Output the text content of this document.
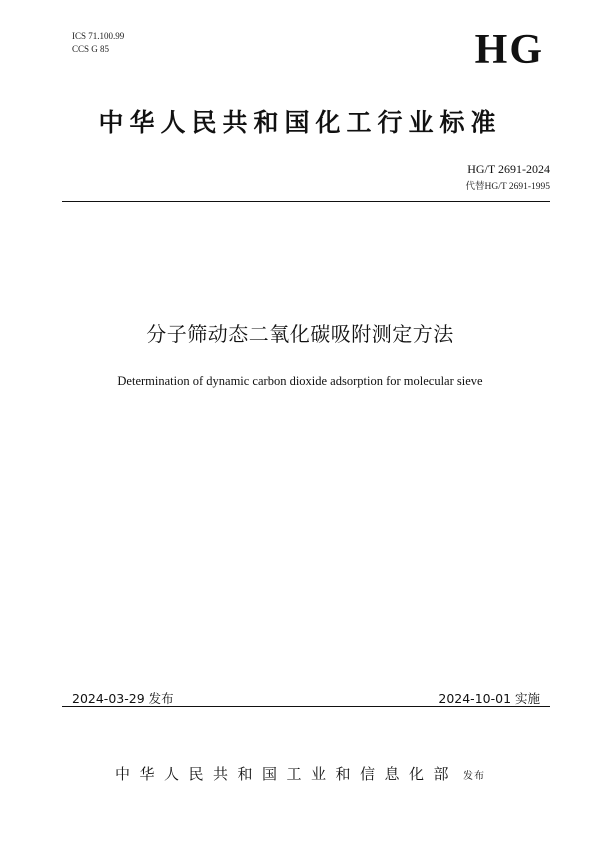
ICS 71.100.99
CCS G 85	HG
中华人民共和国化工行业标准
HG/T 2691-2024
代替HG/T 2691-1995
分子筛动态二氧化碳吸附测定方法
Determination of dynamic carbon dioxide adsorption for molecular sieve
2024-03-29 发布	2024-10-01 实施
中华人民共和国工业和信息化部 发布
